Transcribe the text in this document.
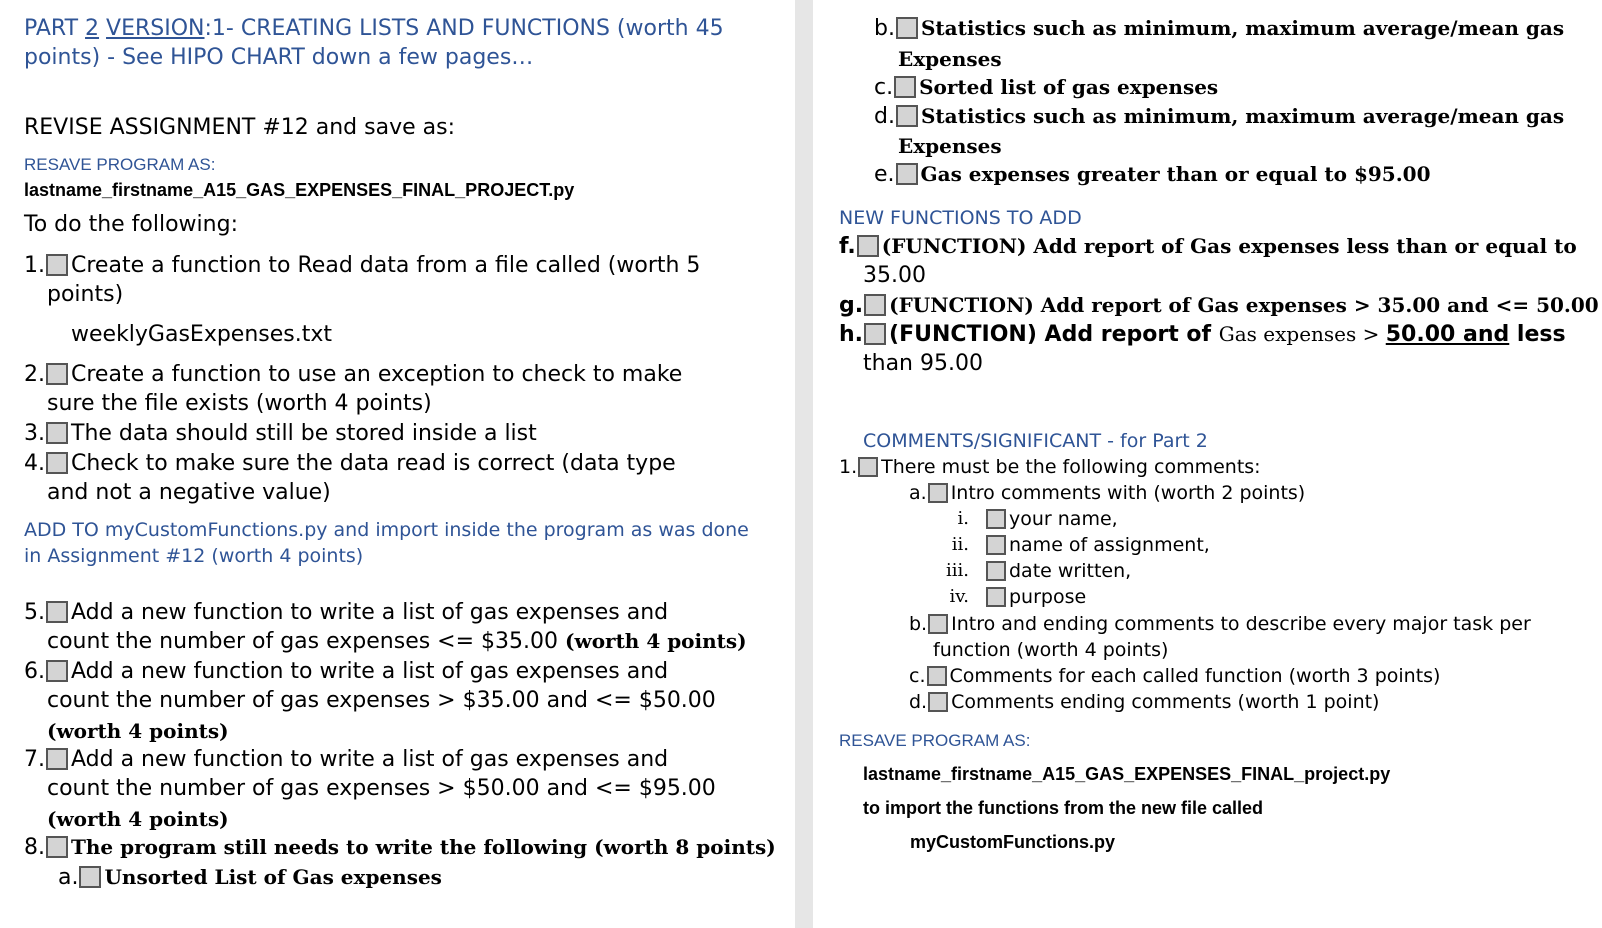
PART 2 VERSION:1- CREATING LISTS AND FUNCTIONS (worth 45
points) - See HIPO CHART down a few pages…
REVISE ASSIGNMENT #12 and save as:
RESAVE PROGRAM AS:
lastname_firstname_A15_GAS_EXPENSES_FINAL_PROJECT.py
To do the following:
1. Create a function to Read data from a file called (worth 5
points)
weeklyGasExpenses.txt
2. Create a function to use an exception to check to make
sure the file exists (worth 4 points)
3. The data should still be stored inside a list
4. Check to make sure the data read is correct (data type
and not a negative value)
ADD TO myCustomFunctions.py and import inside the program as was done
in Assignment #12 (worth 4 points)
5. Add a new function to write a list of gas expenses and
count the number of gas expenses <= $35.00 (worth 4 points)
6. Add a new function to write a list of gas expenses and
count the number of gas expenses > $35.00 and <= $50.00
(worth 4 points)
7. Add a new function to write a list of gas expenses and
count the number of gas expenses > $50.00 and <= $95.00
(worth 4 points)
8. The program still needs to write the following (worth 8 points)
a. Unsorted List of Gas expenses
b. Statistics such as minimum, maximum average/mean gas
Expenses
c. Sorted list of gas expenses
d. Statistics such as minimum, maximum average/mean gas
Expenses
e. Gas expenses greater than or equal to $95.00
NEW FUNCTIONS TO ADD
f. (FUNCTION) Add report of Gas expenses less than or equal to
35.00
g. (FUNCTION) Add report of Gas expenses > 35.00 and <= 50.00
h. (FUNCTION) Add report of Gas expenses > 50.00 and less
than 95.00
COMMENTS/SIGNIFICANT - for Part 2
1. There must be the following comments:
a. Intro comments with (worth 2 points)
i.	your name,
ii.	name of assignment,
iii.	date written,
iv.	purpose
b. Intro and ending comments to describe every major task per
function (worth 4 points)
c. Comments for each called function (worth 3 points)
d. Comments ending comments (worth 1 point)
RESAVE PROGRAM AS:
lastname_firstname_A15_GAS_EXPENSES_FINAL_project.py
to import the functions from the new file called
myCustomFunctions.py
